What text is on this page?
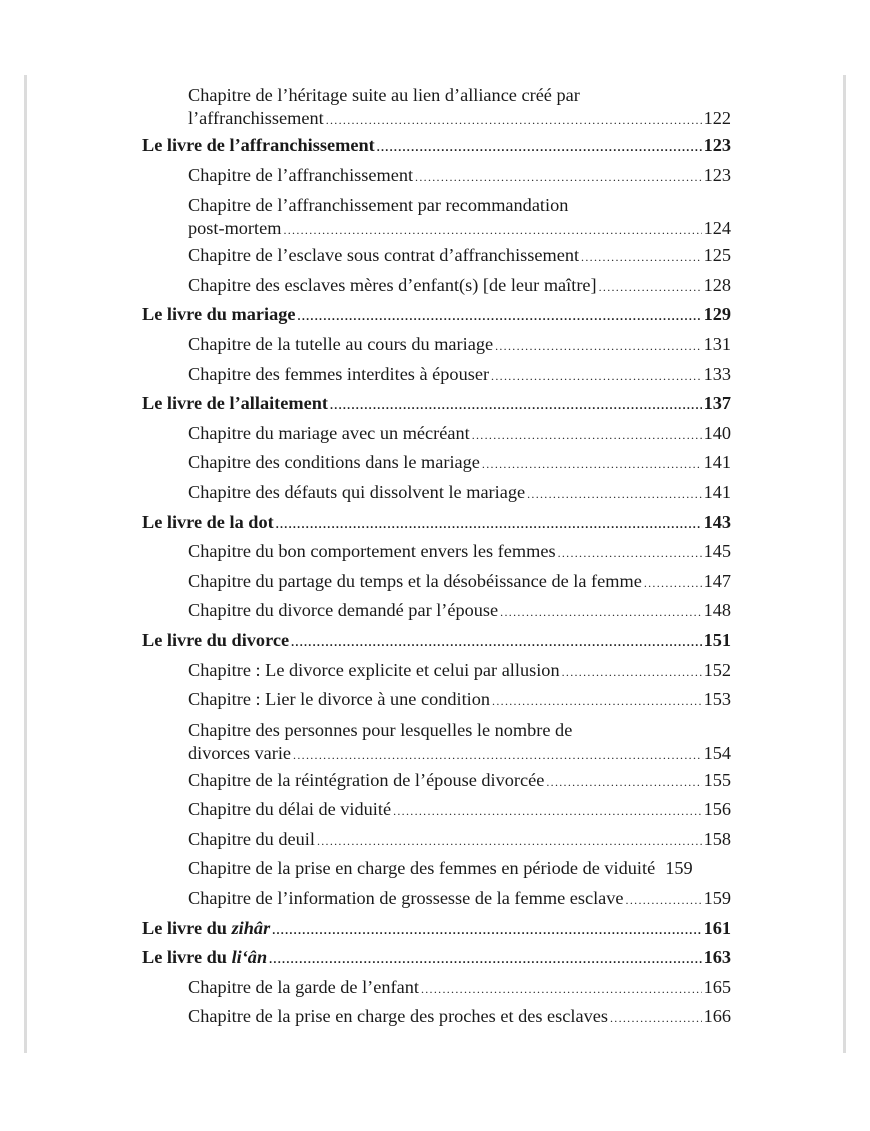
Chapitre de l’héritage suite au lien d’alliance créé par
l’affranchissement .....	122
Le livre de l’affranchissement .....	123
Chapitre de l’affranchissement .....	123
Chapitre de l’affranchissement par recommandation
post-mortem .....	124
Chapitre de l’esclave sous contrat d’affranchissement .....	125
Chapitre des esclaves mères d’enfant(s) [de leur maître] .....	128
Le livre du mariage .....	129
Chapitre de la tutelle au cours du mariage .....	131
Chapitre des femmes interdites à épouser .....	133
Le livre de l’allaitement .....	137
Chapitre du mariage avec un mécréant .....	140
Chapitre des conditions dans le mariage .....	141
Chapitre des défauts qui dissolvent le mariage .....	141
Le livre de la dot .....	143
Chapitre du bon comportement envers les femmes .....	145
Chapitre du partage du temps et la désobéissance de la femme .....	147
Chapitre du divorce demandé par l’épouse .....	148
Le livre du divorce .....	151
Chapitre : Le divorce explicite et celui par allusion .....	152
Chapitre : Lier le divorce à une condition .....	153
Chapitre des personnes pour lesquelles le nombre de
divorces varie .....	154
Chapitre de la réintégration de l’épouse divorcée .....	155
Chapitre du délai de viduité .....	156
Chapitre du deuil .....	158
Chapitre de la prise en charge des femmes en période de viduité 159
Chapitre de l’information de grossesse de la femme esclave .....	159
Le livre du zihâr .....	161
Le livre du li‘ân .....	163
Chapitre de la garde de l’enfant .....	165
Chapitre de la prise en charge des proches et des esclaves .....	166
